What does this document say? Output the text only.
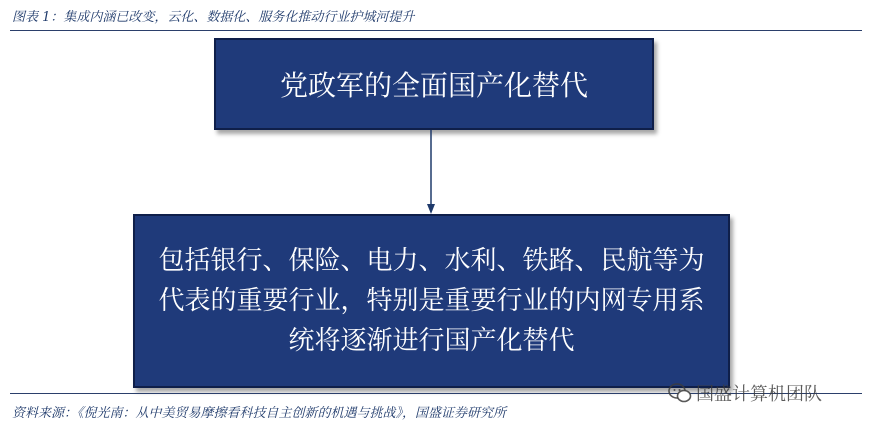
图表 1：集成内涵已改变，云化、数据化、服务化推动行业护城河提升
党政军的全面国产化替代
包括银行、保险、电力、水利、铁路、民航等为代表的重要行业，特别是重要行业的内网专用系统将逐渐进行国产化替代
资料来源：《倪光南：从中美贸易摩擦看科技自主创新的机遇与挑战》，国盛证券研究所
国盛计算机团队
